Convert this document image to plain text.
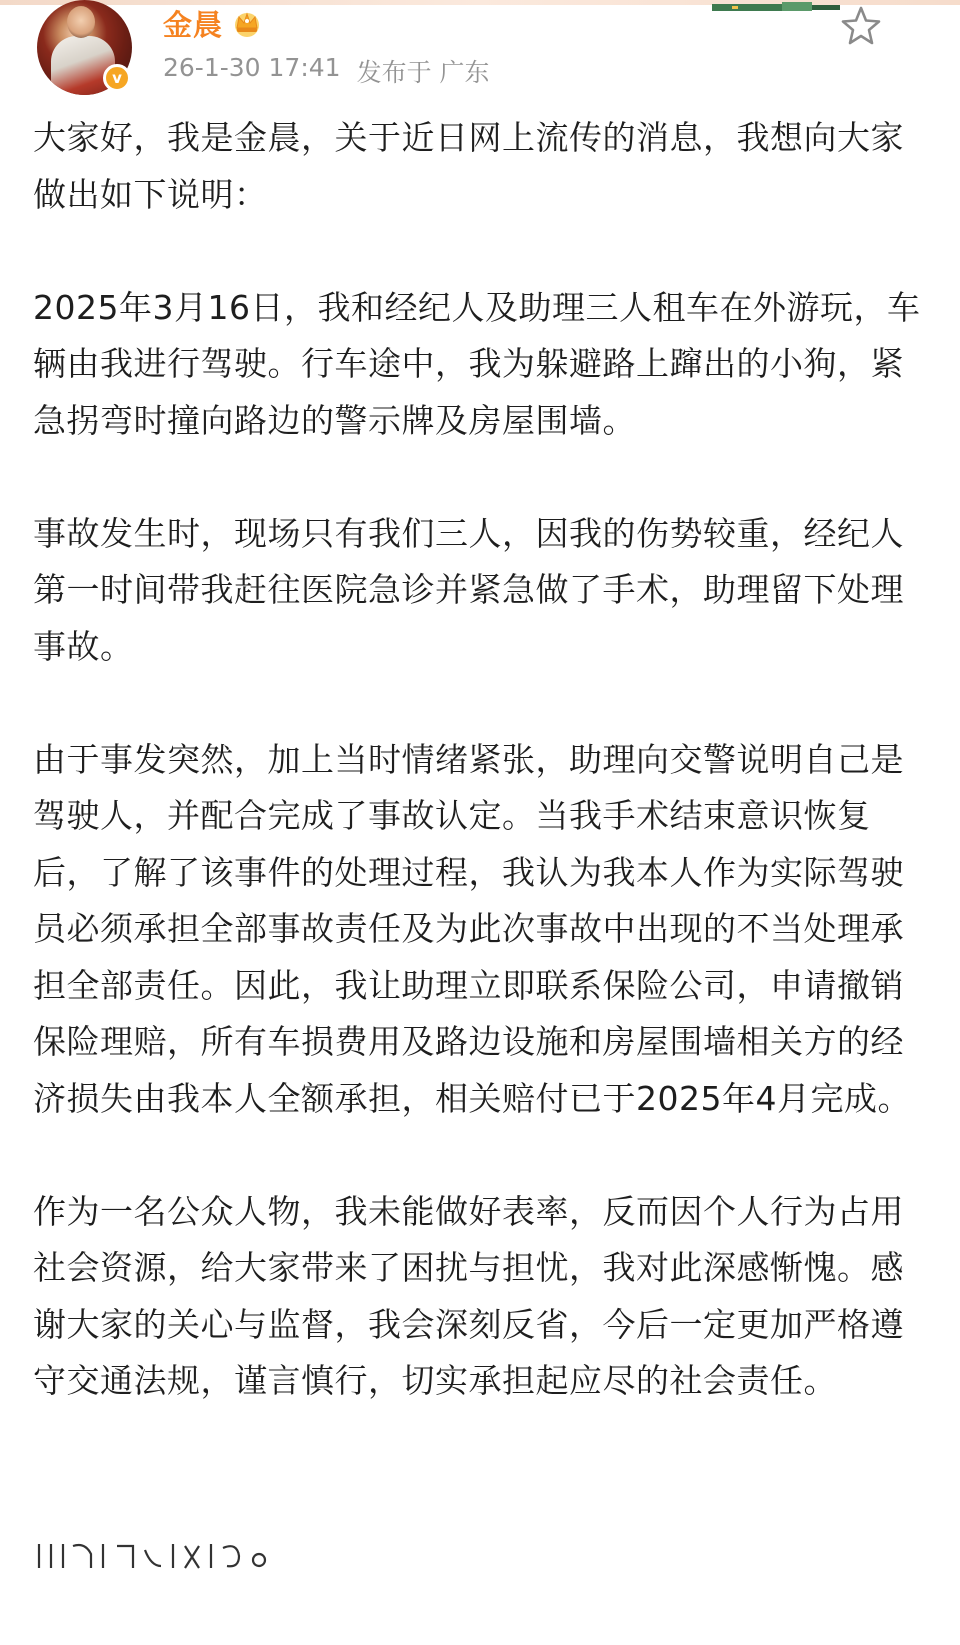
v
金晨
26-1-30 17:41 发布于 广东

大家好，我是金晨，关于近日网上流传的消息，我想向大家做出如下说明：

2025年3月16日，我和经纪人及助理三人租车在外游玩，车辆由我进行驾驶。行车途中，我为躲避路上蹿出的小狗，紧急拐弯时撞向路边的警示牌及房屋围墙。

事故发生时，现场只有我们三人，因我的伤势较重，经纪人第一时间带我赶往医院急诊并紧急做了手术，助理留下处理事故。

由于事发突然，加上当时情绪紧张，助理向交警说明自己是驾驶人，并配合完成了事故认定。当我手术结束意识恢复后，了解了该事件的处理过程，我认为我本人作为实际驾驶员必须承担全部事故责任及为此次事故中出现的不当处理承担全部责任。因此，我让助理立即联系保险公司，申请撤销保险理赔，所有车损费用及路边设施和房屋围墙相关方的经济损失由我本人全额承担，相关赔付已于2025年4月完成。

作为一名公众人物，我未能做好表率，反而因个人行为占用社会资源，给大家带来了困扰与担忧，我对此深感惭愧。感谢大家的关心与监督，我会深刻反省，今后一定更加严格遵守交通法规，谨言慎行，切实承担起应尽的社会责任。
